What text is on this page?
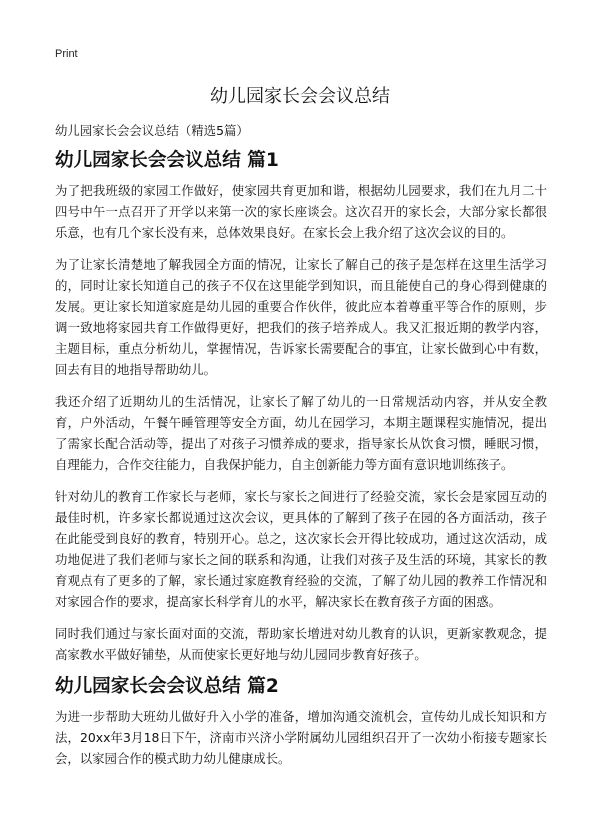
Print
幼儿园家长会会议总结

幼儿园家长会会议总结（精选5篇）

幼儿园家长会会议总结 篇1

为了把我班级的家园工作做好，使家园共育更加和谐，根据幼儿园要求，我们在九月二十四号中午一点召开了开学以来第一次的家长座谈会。这次召开的家长会，大部分家长都很乐意，也有几个家长没有来，总体效果良好。在家长会上我介绍了这次会议的目的。

为了让家长清楚地了解我园全方面的情况，让家长了解自己的孩子是怎样在这里生活学习的，同时让家长知道自己的孩子不仅在这里能学到知识，而且能使自己的身心得到健康的发展。更让家长知道家庭是幼儿园的重要合作伙伴，彼此应本着尊重平等合作的原则，步调一致地将家园共育工作做得更好，把我们的孩子培养成人。我又汇报近期的教学内容，主题目标，重点分析幼儿，掌握情况，告诉家长需要配合的事宜，让家长做到心中有数，回去有目的地指导帮助幼儿。

我还介绍了近期幼儿的生活情况，让家长了解了幼儿的一日常规活动内容，并从安全教育，户外活动，午餐午睡管理等安全方面，幼儿在园学习，本期主题课程实施情况，提出了需家长配合活动等，提出了对孩子习惯养成的要求，指导家长从饮食习惯，睡眠习惯，自理能力，合作交往能力，自我保护能力，自主创新能力等方面有意识地训练孩子。

针对幼儿的教育工作家长与老师，家长与家长之间进行了经验交流，家长会是家园互动的最佳时机，许多家长都说通过这次会议，更具体的了解到了孩子在园的各方面活动，孩子在此能受到良好的教育，特别开心。总之，这次家长会开得比较成功，通过这次活动，成功地促进了我们老师与家长之间的联系和沟通，让我们对孩子及生活的环境，其家长的教育观点有了更多的了解，家长通过家庭教育经验的交流，了解了幼儿园的教养工作情况和对家园合作的要求，提高家长科学育儿的水平，解决家长在教育孩子方面的困惑。

同时我们通过与家长面对面的交流，帮助家长增进对幼儿教育的认识，更新家教观念，提高家教水平做好铺垫，从而使家长更好地与幼儿园同步教育好孩子。

幼儿园家长会会议总结 篇2

为进一步帮助大班幼儿做好升入小学的准备，增加沟通交流机会，宣传幼儿成长知识和方法，20xx年3月18日下午，济南市兴济小学附属幼儿园组织召开了一次幼小衔接专题家长会，以家园合作的模式助力幼儿健康成长。
